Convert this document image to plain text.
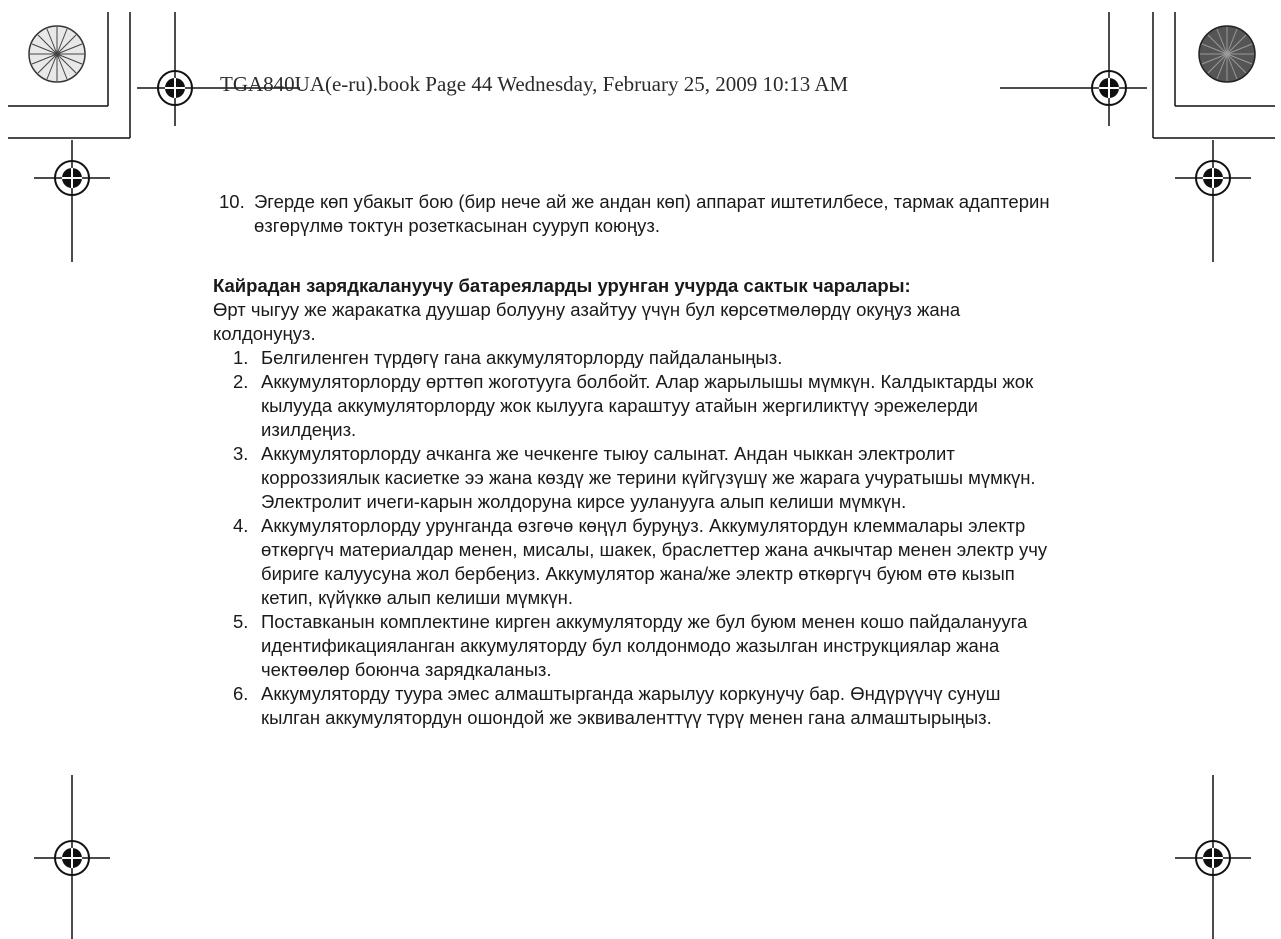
TGA840UA(e-ru).book Page 44 Wednesday, February 25, 2009 10:13 AM
10. Эгерде көп убакыт бою (бир нече ай же андан көп) аппарат иштетилбесе, тармак адаптерин өзгөрүлмө токтун розеткасынан сууруп коюңуз.
Кайрадан зарядкалануучу батареяларды урунган учурда сактык чаралары:

Өрт чыгуу же жаракатка дуушар болууну азайтуу үчүн бул көрсөтмөлөрдү окуңуз жана колдонуңуз.

1. Белгиленген түрдөгү гана аккумуляторлорду пайдаланыңыз.
2. Аккумуляторлорду өрттөп жоготууга болбойт. Алар жарылышы мүмкүн. Калдыктарды жок кылууда аккумуляторлорду жок кылууга караштуу атайын жергиликтүү эрежелерди изилдеңиз.
3. Аккумуляторлорду ачканга же чечкенге тыюу салынат. Андан чыккан электролит корроззиялык касиетке ээ жана көздү же терини күйгүзүшү же жарага учуратышы мүмкүн. Электролит ичеги-карын жолдоруна кирсе ууланууга алып келиши мүмкүн.
4. Аккумуляторлорду урунганда өзгөчө көңүл буруңуз. Аккумулятордун клеммалары электр өткөргүч материалдар менен, мисалы, шакек, браслеттер жана ачкычтар менен электр учу бириге калуусуна жол бербеңиз. Аккумулятор жана/же электр өткөргүч буюм өтө кызып кетип, күйүккө алып келиши мүмкүн.
5. Поставканын комплектине кирген аккумуляторду же бул буюм менен кошо пайдаланууга идентификацияланган аккумуляторду бул колдонмодо жазылган инструкциялар жана чектөөлөр боюнча зарядкаланыз.
6. Аккумуляторду туура эмес алмаштырганда жарылуу коркунучу бар. Өндүрүүчү сунуш кылган аккумулятордун ошондой же эквиваленттүү түрү менен гана алмаштырыңыз.
